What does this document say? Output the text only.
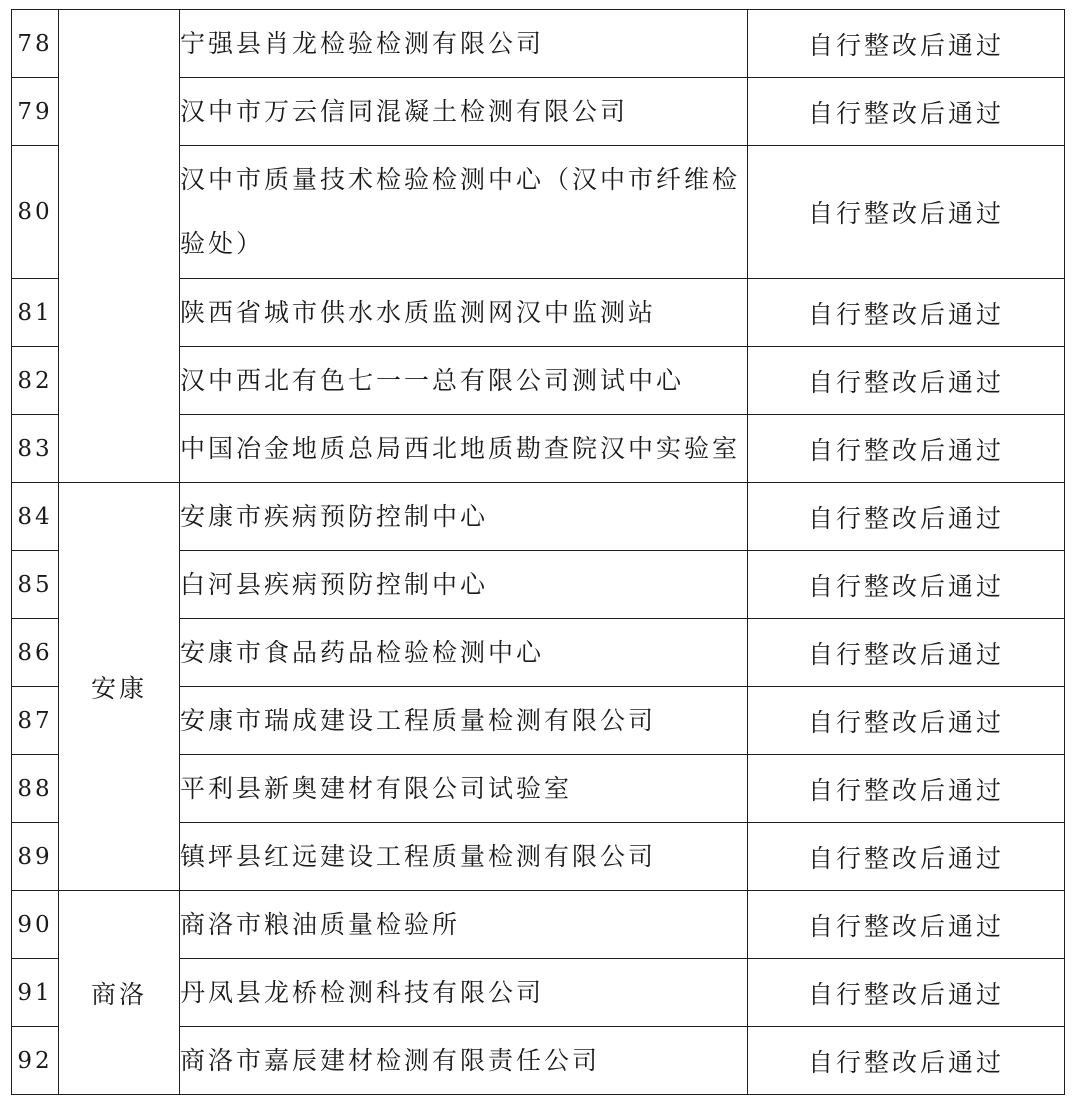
78		宁强县肖龙检验检测有限公司	自行整改后通过
79		汉中市万云信同混凝土检测有限公司	自行整改后通过
80		汉中市质量技术检验检测中心（汉中市纤维检验处）	自行整改后通过
81		陕西省城市供水水质监测网汉中监测站	自行整改后通过
82		汉中西北有色七一一总有限公司测试中心	自行整改后通过
83		中国冶金地质总局西北地质勘查院汉中实验室	自行整改后通过
84	安康	安康市疾病预防控制中心	自行整改后通过
85		白河县疾病预防控制中心	自行整改后通过
86		安康市食品药品检验检测中心	自行整改后通过
87		安康市瑞成建设工程质量检测有限公司	自行整改后通过
88		平利县新奥建材有限公司试验室	自行整改后通过
89		镇坪县红远建设工程质量检测有限公司	自行整改后通过
90	商洛	商洛市粮油质量检验所	自行整改后通过
91		丹凤县龙桥检测科技有限公司	自行整改后通过
92		商洛市嘉辰建材检测有限责任公司	自行整改后通过
